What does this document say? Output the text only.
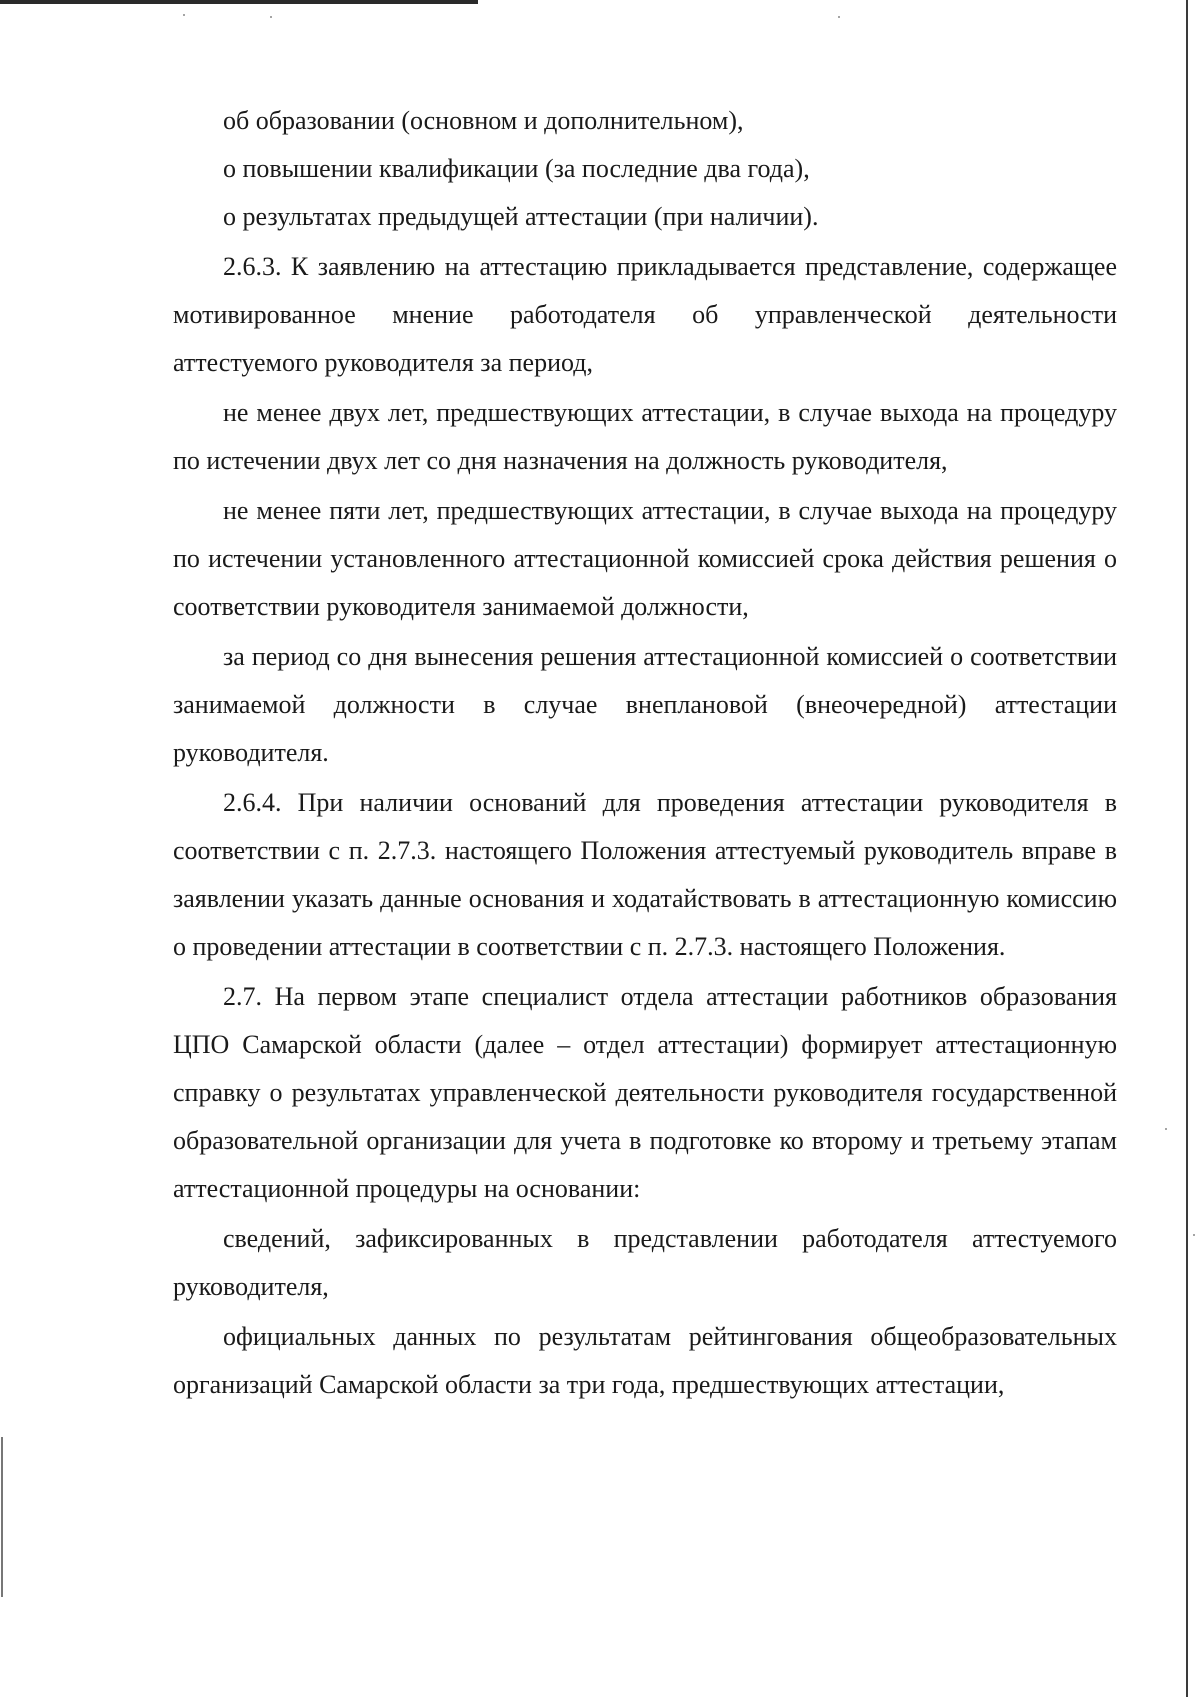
об образовании (основном и дополнительном),

о повышении квалификации (за последние два года),

о результатах предыдущей аттестации (при наличии).

2.6.3. К заявлению на аттестацию прикладывается представление, содержащее мотивированное мнение работодателя об управленческой деятельности аттестуемого руководителя за период,

не менее двух лет, предшествующих аттестации, в случае выхода на процедуру по истечении двух лет со дня назначения на должность руководителя,

не менее пяти лет, предшествующих аттестации, в случае выхода на процедуру по истечении установленного аттестационной комиссией срока действия решения о соответствии руководителя занимаемой должности,

за период со дня вынесения решения аттестационной комиссией о соответствии занимаемой должности в случае внеплановой (внеочередной) аттестации руководителя.

2.6.4. При наличии оснований для проведения аттестации руководителя в соответствии с п. 2.7.3. настоящего Положения аттестуемый руководитель вправе в заявлении указать данные основания и ходатайствовать в аттестационную комиссию о проведении аттестации в соответствии с п. 2.7.3. настоящего Положения.

2.7. На первом этапе специалист отдела аттестации работников образования ЦПО Самарской области (далее – отдел аттестации) формирует аттестационную справку о результатах управленческой деятельности руководителя государственной образовательной организации для учета в подготовке ко второму и третьему этапам аттестационной процедуры на основании:

сведений, зафиксированных в представлении работодателя аттестуемого руководителя,

официальных данных по результатам рейтингования общеобразовательных организаций Самарской области за три года, предшествующих аттестации,
